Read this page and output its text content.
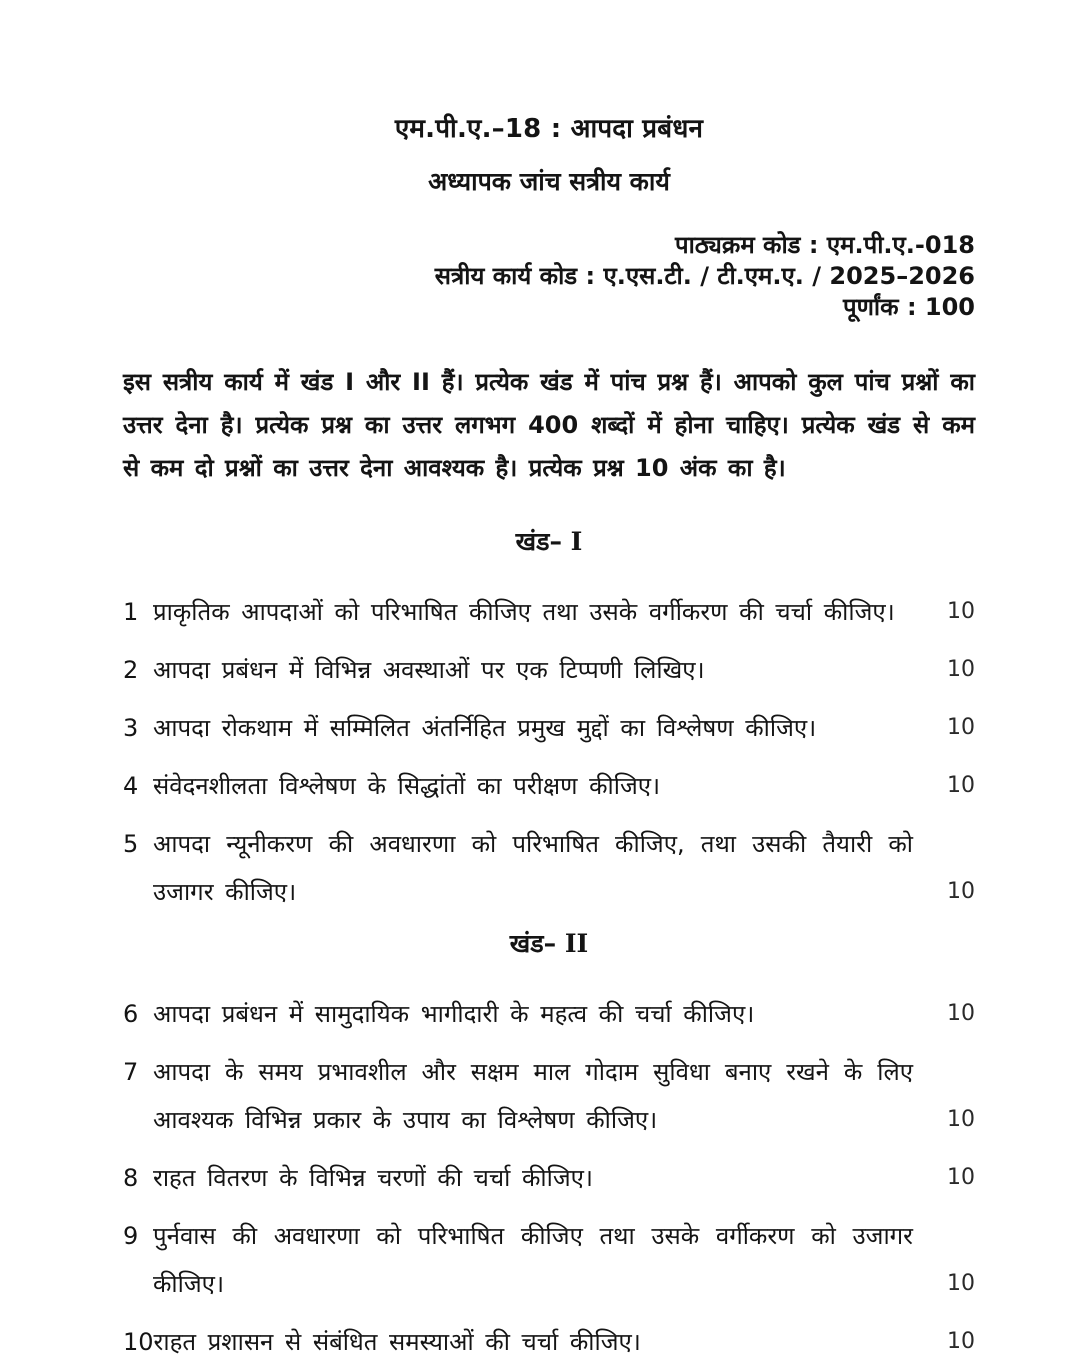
एम.पी.ए.–18 : आपदा प्रबंधन
अध्यापक जांच सत्रीय कार्य
पाठ्यक्रम कोड : एम.पी.ए.-018
सत्रीय कार्य कोड : ए.एस.टी. / टी.एम.ए. / 2025–2026
पूर्णांक : 100
इस सत्रीय कार्य में खंड I और II हैं। प्रत्येक खंड में पांच प्रश्न हैं। आपको कुल पांच प्रश्नों का उत्तर देना है। प्रत्येक प्रश्न का उत्तर लगभग 400 शब्दों में होना चाहिए। प्रत्येक खंड से कम से कम दो प्रश्नों का उत्तर देना आवश्यक है। प्रत्येक प्रश्न 10 अंक का है।
खंड– I
1 प्राकृतिक आपदाओं को परिभाषित कीजिए तथा उसके वर्गीकरण की चर्चा कीजिए।	10
2 आपदा प्रबंधन में विभिन्न अवस्थाओं पर एक टिप्पणी लिखिए।	10
3 आपदा रोकथाम में सम्मिलित अंतर्निहित प्रमुख मुद्दों का विश्लेषण कीजिए।	10
4 संवेदनशीलता विश्लेषण के सिद्धांतों का परीक्षण कीजिए।	10
5 आपदा न्यूनीकरण की अवधारणा को परिभाषित कीजिए, तथा उसकी तैयारी को उजागर कीजिए।	10
खंड– II
6 आपदा प्रबंधन में सामुदायिक भागीदारी के महत्व की चर्चा कीजिए।	10
7 आपदा के समय प्रभावशील और सक्षम माल गोदाम सुविधा बनाए रखने के लिए आवश्यक विभिन्न प्रकार के उपाय का विश्लेषण कीजिए।	10
8 राहत वितरण के विभिन्न चरणों की चर्चा कीजिए।	10
9 पुर्नवास की अवधारणा को परिभाषित कीजिए तथा उसके वर्गीकरण को उजागर कीजिए।	10
10 राहत प्रशासन से संबंधित समस्याओं की चर्चा कीजिए।	10
